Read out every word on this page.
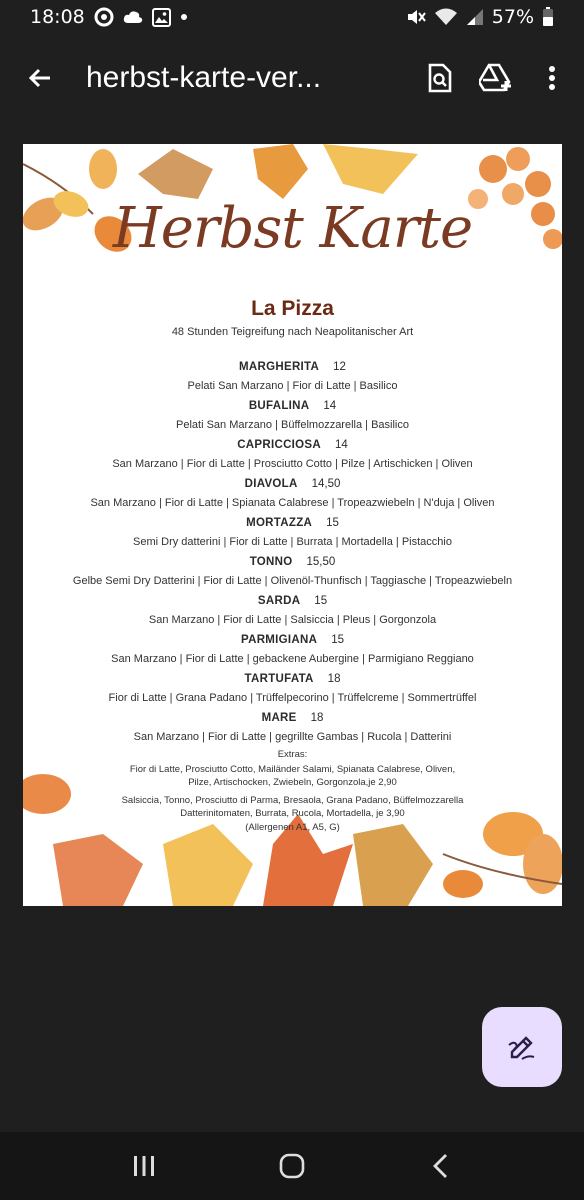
18:08	57%
herbst-karte-ver...
Herbst Karte
La Pizza
48 Stunden Teigreifung nach Neapolitanischer Art
MARGHERITA 12
Pelati San Marzano | Fior di Latte | Basilico
BUFALINA 14
Pelati San Marzano | Büffelmozzarella | Basilico
CAPRICCIOSA 14
San Marzano | Fior di Latte | Prosciutto Cotto | Pilze | Artischicken | Oliven
DIAVOLA 14,50
San Marzano | Fior di Latte | Spianata Calabrese | Tropeazwiebeln | N'duja | Oliven
MORTAZZA 15
Semi Dry datterini | Fior di Latte | Burrata | Mortadella | Pistacchio
TONNO 15,50
Gelbe Semi Dry Datterini | Fior di Latte | Olivenöl-Thunfisch | Taggiasche | Tropeazwiebeln
SARDA 15
San Marzano | Fior di Latte | Salsiccia | Pleus | Gorgonzola
PARMIGIANA 15
San Marzano | Fior di Latte | gebackene Aubergine | Parmigiano Reggiano
TARTUFATA 18
Fior di Latte | Grana Padano | Trüffelpecorino | Trüffelcreme | Sommertrüffel
MARE 18
San Marzano | Fior di Latte | gegrillte Gambas | Rucola | Datterini
Extras:
Fior di Latte, Prosciutto Cotto, Mailänder Salami, Spianata Calabrese, Oliven,
Pilze, Artischocken, Zwiebeln, Gorgonzola,je 2,90
Salsiccia, Tonno, Prosciutto di Parma, Bresaola, Grana Padano, Büffelmozzarella
Datterinitomaten, Burrata, Rucola, Mortadella, je 3,90
(Allergenen A1, A5, G)
